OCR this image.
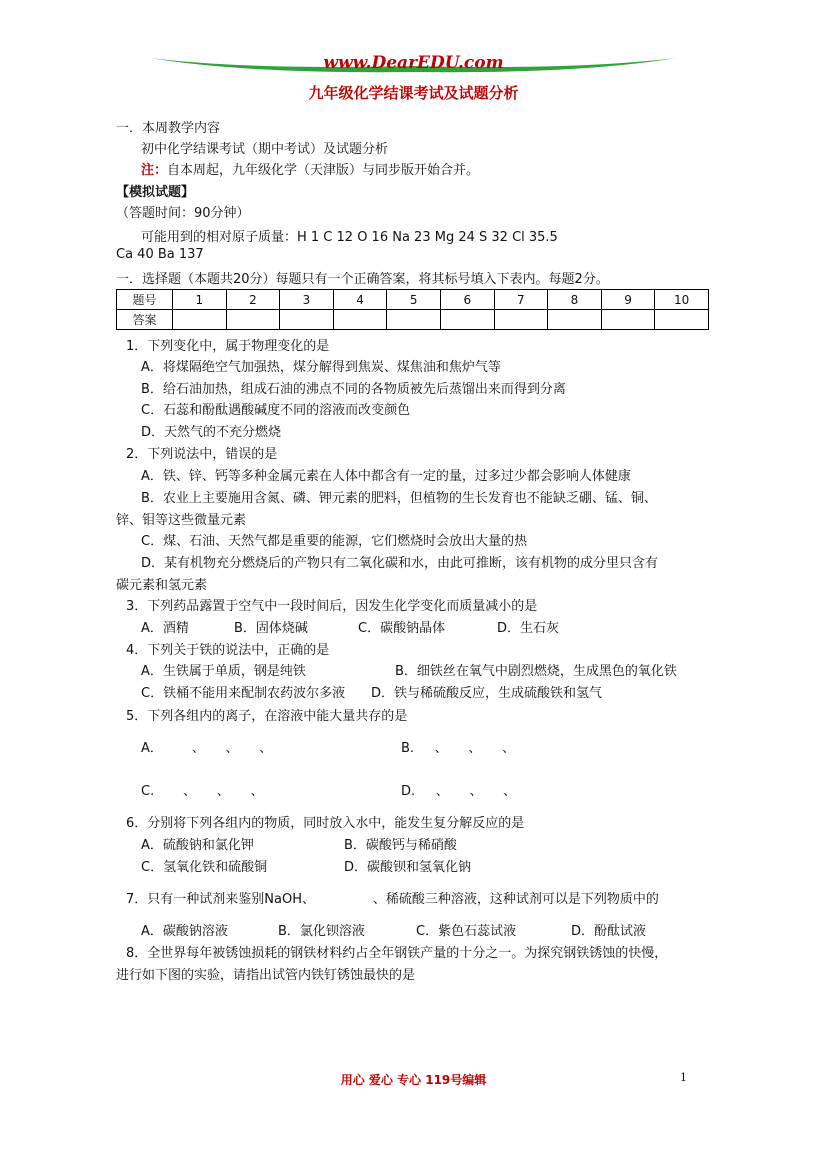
www.DearEDU.com
九年级化学结课考试及试题分析
一．本周教学内容
初中化学结课考试（期中考试）及试题分析
注：自本周起，九年级化学（天津版）与同步版开始合并。
【模拟试题】
（答题时间：90分钟）
可能用到的相对原子质量：H 1 C 12 O 16 Na 23 Mg 24 S 32 Cl 35.5
Ca 40 Ba 137
一．选择题（本题共20分）每题只有一个正确答案，将其标号填入下表内。每题2分。
题号	1	2	3	4	5	6	7	8	9	10
答案										
1．下列变化中，属于物理变化的是
A．将煤隔绝空气加强热，煤分解得到焦炭、煤焦油和焦炉气等
B．给石油加热，组成石油的沸点不同的各物质被先后蒸馏出来而得到分离
C．石蕊和酚酞遇酸碱度不同的溶液而改变颜色
D．天然气的不充分燃烧
2．下列说法中，错误的是
A．铁、锌、钙等多种金属元素在人体中都含有一定的量，过多过少都会影响人体健康
B．农业上主要施用含氮、磷、钾元素的肥料，但植物的生长发育也不能缺乏硼、锰、铜、
锌、钼等这些微量元素
C．煤、石油、天然气都是重要的能源，它们燃烧时会放出大量的热
D．某有机物充分燃烧后的产物只有二氧化碳和水，由此可推断，该有机物的成分里只含有
碳元素和氢元素
3．下列药品露置于空气中一段时间后，因发生化学变化而质量减小的是
A．酒精	B．固体烧碱	C．碳酸钠晶体	D．生石灰
4．下列关于铁的说法中，正确的是
A．生铁属于单质，钢是纯铁	B．细铁丝在氧气中剧烈燃烧，生成黑色的氧化铁
C．铁桶不能用来配制农药波尔多液 D．铁与稀硫酸反应，生成硫酸铁和氢气
5．下列各组内的离子，在溶液中能大量共存的是
A．       、     、     、	B.     、     、     、
C.       、     、     、	D.     、     、     、
6．分别将下列各组内的物质，同时放入水中，能发生复分解反应的是
A．硫酸钠和氯化钾	B．碳酸钙与稀硝酸
C．氢氧化铁和硫酸铜	D．碳酸钡和氢氧化钠
7．只有一种试剂来鉴别NaOH、              、稀硫酸三种溶液，这种试剂可以是下列物质中的
A．碳酸钠溶液	B．氯化钡溶液	C．紫色石蕊试液	D．酚酞试液
8．全世界每年被锈蚀损耗的钢铁材料约占全年钢铁产量的十分之一。为探究钢铁锈蚀的快慢，
进行如下图的实验，请指出试管内铁钉锈蚀最快的是
用心 爱心 专心 119号编辑	1
